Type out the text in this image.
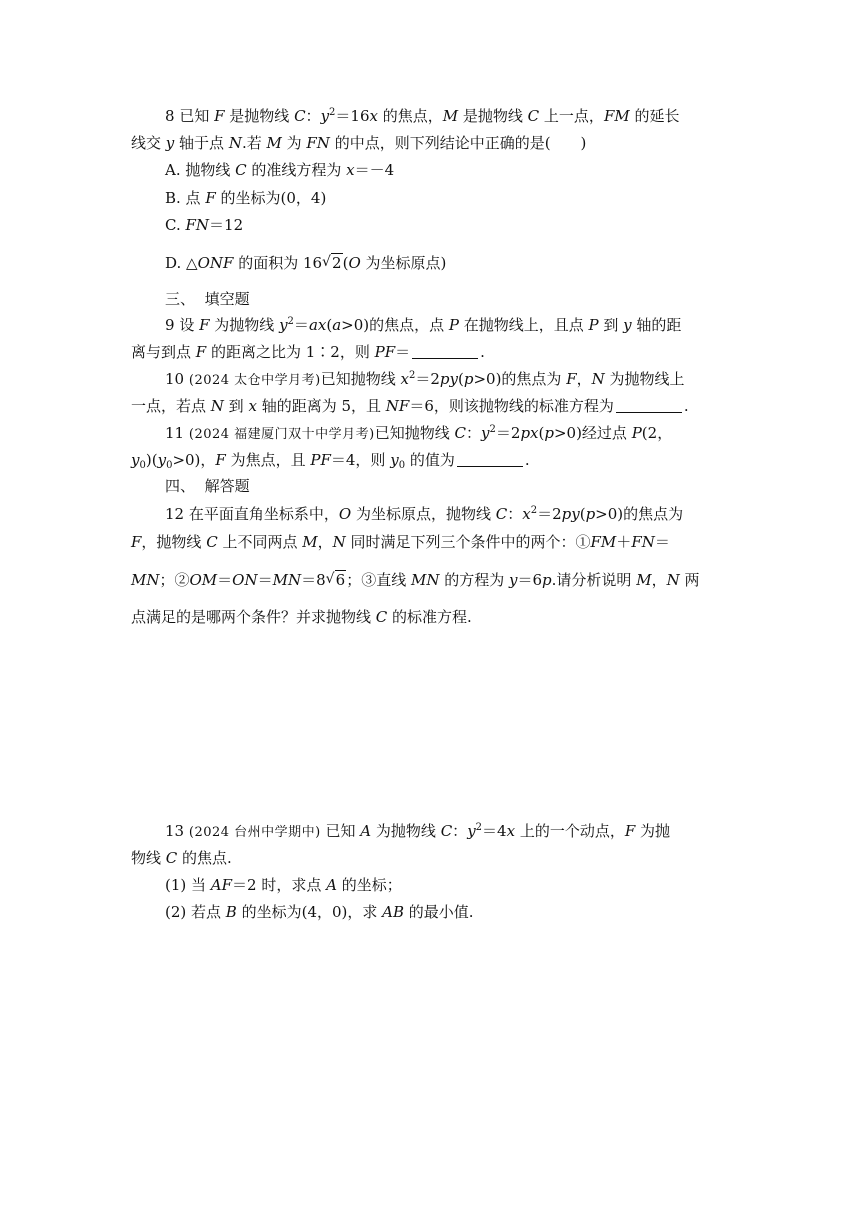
8 已知 F 是抛物线 C：$y^2=16x$ 的焦点，M 是抛物线 C 上一点，FM 的延长
线交 y 轴于点 N.若 M 为 FN 的中点，则下列结论中正确的是(　　)
A. 抛物线 C 的准线方程为 x＝－4
B. 点 F 的坐标为(0，4)
C. FN＝12
D. △ONF 的面积为 16 √ 2(O 为坐标原点)
三、 填空题
9 设 F 为抛物线 $y^2=ax(a>0)$的焦点，点 P 在抛物线上，且点 P 到 y 轴的距
离与到点 F 的距离之比为 1∶2，则 PF＝	.
10 (2024 太仓中学月考)已知抛物线 $x^2=2py(p>0)$的焦点为 F，N 为抛物线上
一点，若点 N 到 x 轴的距离为 5，且 NF＝6，则该抛物线的标准方程为	.
11 (2024 福建厦门双十中学月考)已知抛物线 C：$y^2=2px(p>0)$经过点 P(2，
$y_0)(y_0>0)$，F 为焦点，且 PF＝4，则 $y_0$ 的值为	.
四、 解答题
12 在平面直角坐标系中，O 为坐标原点，抛物线 C：$x^2=2py(p>0)$的焦点为
F，抛物线 C 上不同两点 M，N 同时满足下列三个条件中的两个：①FM＋FN＝
MN；②OM＝ON＝MN＝8 √ 6；③直线 MN 的方程为 y＝6p.请分析说明 M，N 两
点满足的是哪两个条件？并求抛物线 C 的标准方程.
13 (2024 台州中学期中) 已知 A 为抛物线 C：$y^2=4x$ 上的一个动点，F 为抛
物线 C 的焦点.
(1) 当 AF＝2 时，求点 A 的坐标；
(2) 若点 B 的坐标为(4，0)，求 AB 的最小值.
